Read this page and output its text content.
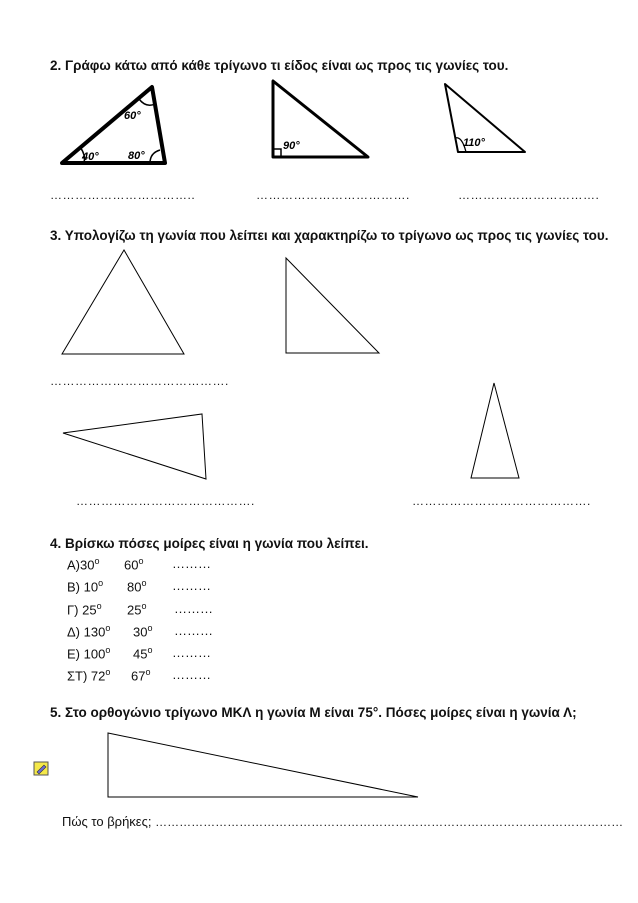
2. Γράφω κάτω από κάθε τρίγωνο τι είδος είναι ως προς τις γωνίες του.
60°
40°	80°
90°	110°
……………………………..	……………………………….	…………………………….
3. Υπολογίζω τη γωνία που λείπει και χαρακτηρίζω το τρίγωνο ως προς τις γωνίες του.
…………………………………….
…………………………………….	…………………………………….
4. Βρίσκω πόσες μοίρες είναι η γωνία που λείπει.
$A)30^o$ $60^o$ ………
Β) $10^o$ $80^o$ ………
Γ) $25^o$ $25^o$ ………
Δ) $130^o$ $30^o$ ………
Ε) $100^o$ $45^o$ ………
ΣΤ) $72^o$ $67^o$ ………
5. Στο ορθογώνιο τρίγωνο ΜΚΛ η γωνία Μ είναι 75°. Πόσες μοίρες είναι η γωνία Λ;
Πώς το βρήκες; ………………………………………………………………………………………………………
